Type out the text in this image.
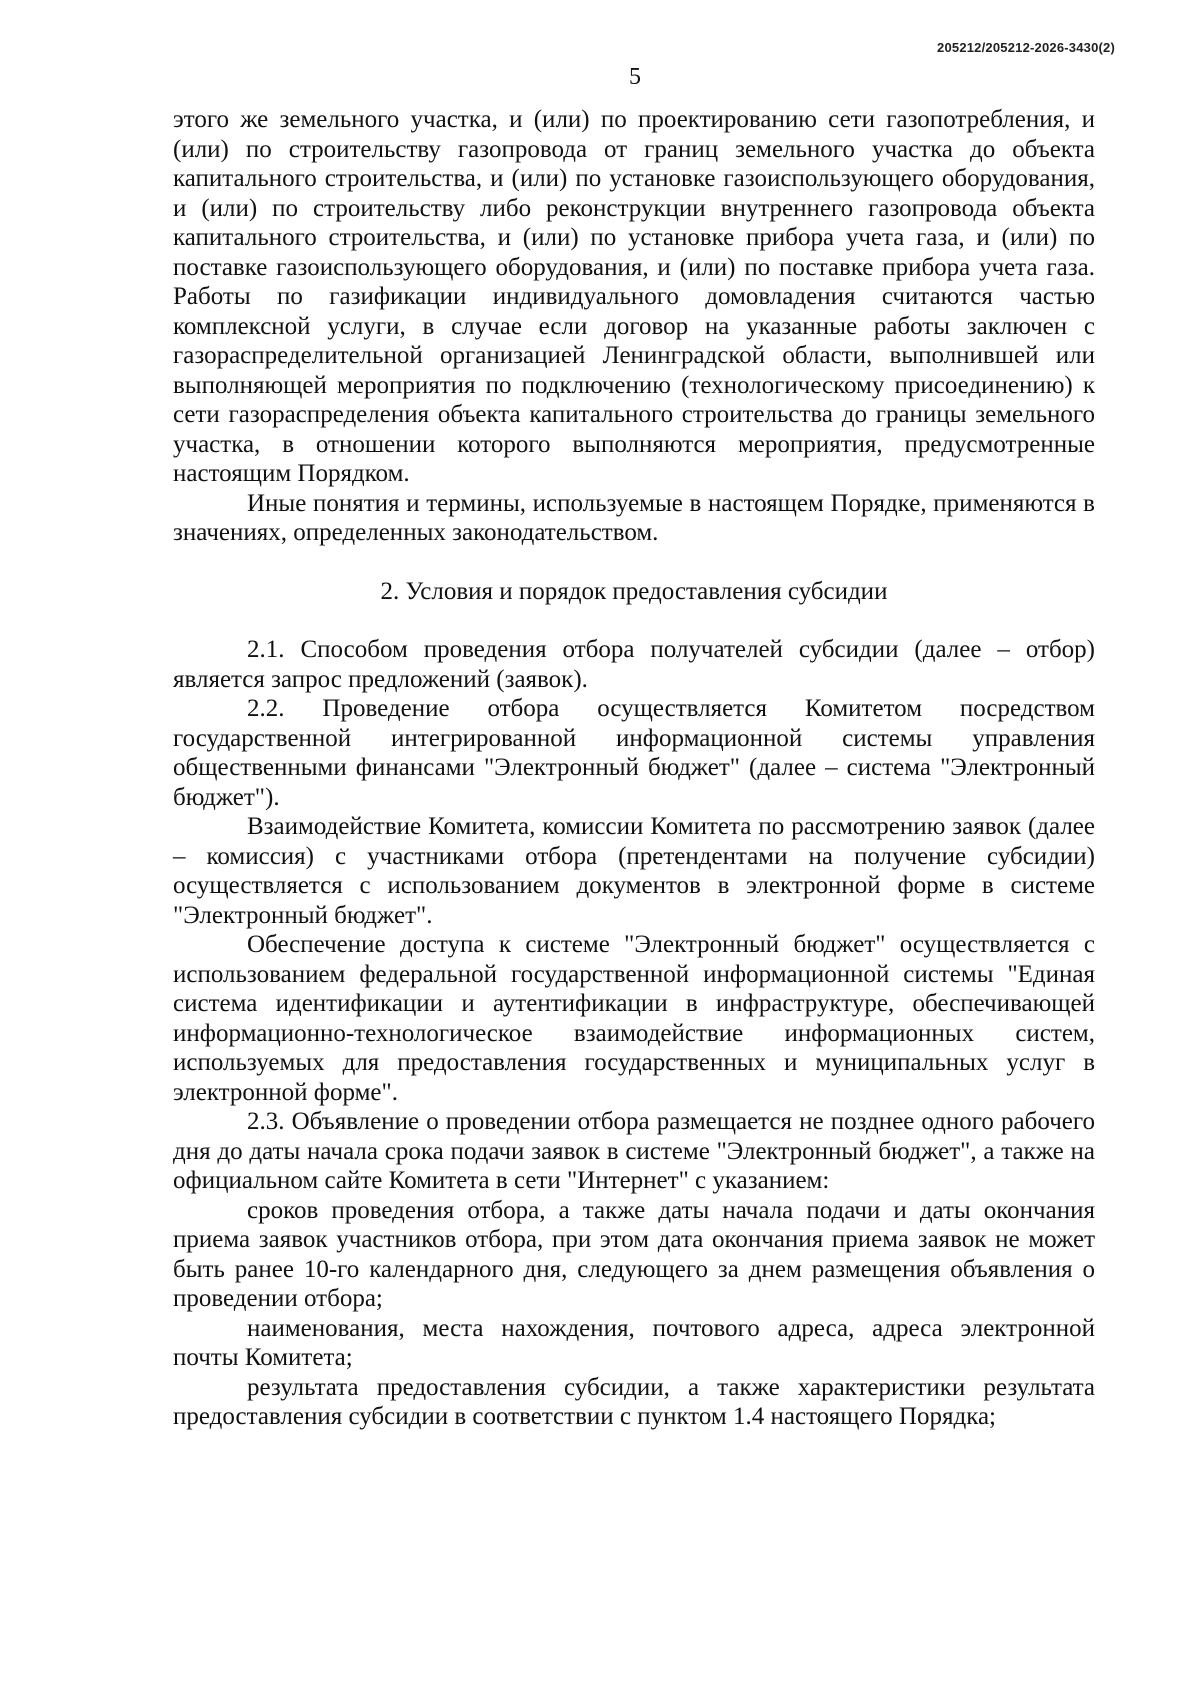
205212/205212-2026-3430(2)
5

этого же земельного участка, и (или) по проектированию сети газопотребления, и (или) по строительству газопровода от границ земельного участка до объекта капитального строительства, и (или) по установке газоиспользующего оборудования, и (или) по строительству либо реконструкции внутреннего газопровода объекта капитального строительства, и (или) по установке прибора учета газа, и (или) по поставке газоиспользующего оборудования, и (или) по поставке прибора учета газа. Работы по газификации индивидуального домовладения считаются частью комплексной услуги, в случае если договор на указанные работы заключен с газораспределительной организацией Ленинградской области, выполнившей или выполняющей мероприятия по подключению (технологическому присоединению) к сети газораспределения объекта капитального строительства до границы земельного участка, в отношении которого выполняются мероприятия, предусмотренные настоящим Порядком.

Иные понятия и термины, используемые в настоящем Порядке, применяются в значениях, определенных законодательством.

2. Условия и порядок предоставления субсидии

2.1. Способом проведения отбора получателей субсидии (далее – отбор) является запрос предложений (заявок).

2.2. Проведение отбора осуществляется Комитетом посредством государственной интегрированной информационной системы управления общественными финансами "Электронный бюджет" (далее – система "Электронный бюджет").

Взаимодействие Комитета, комиссии Комитета по рассмотрению заявок (далее – комиссия) с участниками отбора (претендентами на получение субсидии) осуществляется с использованием документов в электронной форме в системе "Электронный бюджет".

Обеспечение доступа к системе "Электронный бюджет" осуществляется с использованием федеральной государственной информационной системы "Единая система идентификации и аутентификации в инфраструктуре, обеспечивающей информационно-технологическое взаимодействие информационных систем, используемых для предоставления государственных и муниципальных услуг в электронной форме".

2.3. Объявление о проведении отбора размещается не позднее одного рабочего дня до даты начала срока подачи заявок в системе "Электронный бюджет", а также на официальном сайте Комитета в сети "Интернет" с указанием:

сроков проведения отбора, а также даты начала подачи и даты окончания приема заявок участников отбора, при этом дата окончания приема заявок не может быть ранее 10-го календарного дня, следующего за днем размещения объявления о проведении отбора;

наименования, места нахождения, почтового адреса, адреса электронной почты Комитета;

результата предоставления субсидии, а также характеристики результата предоставления субсидии в соответствии с пунктом 1.4 настоящего Порядка;
